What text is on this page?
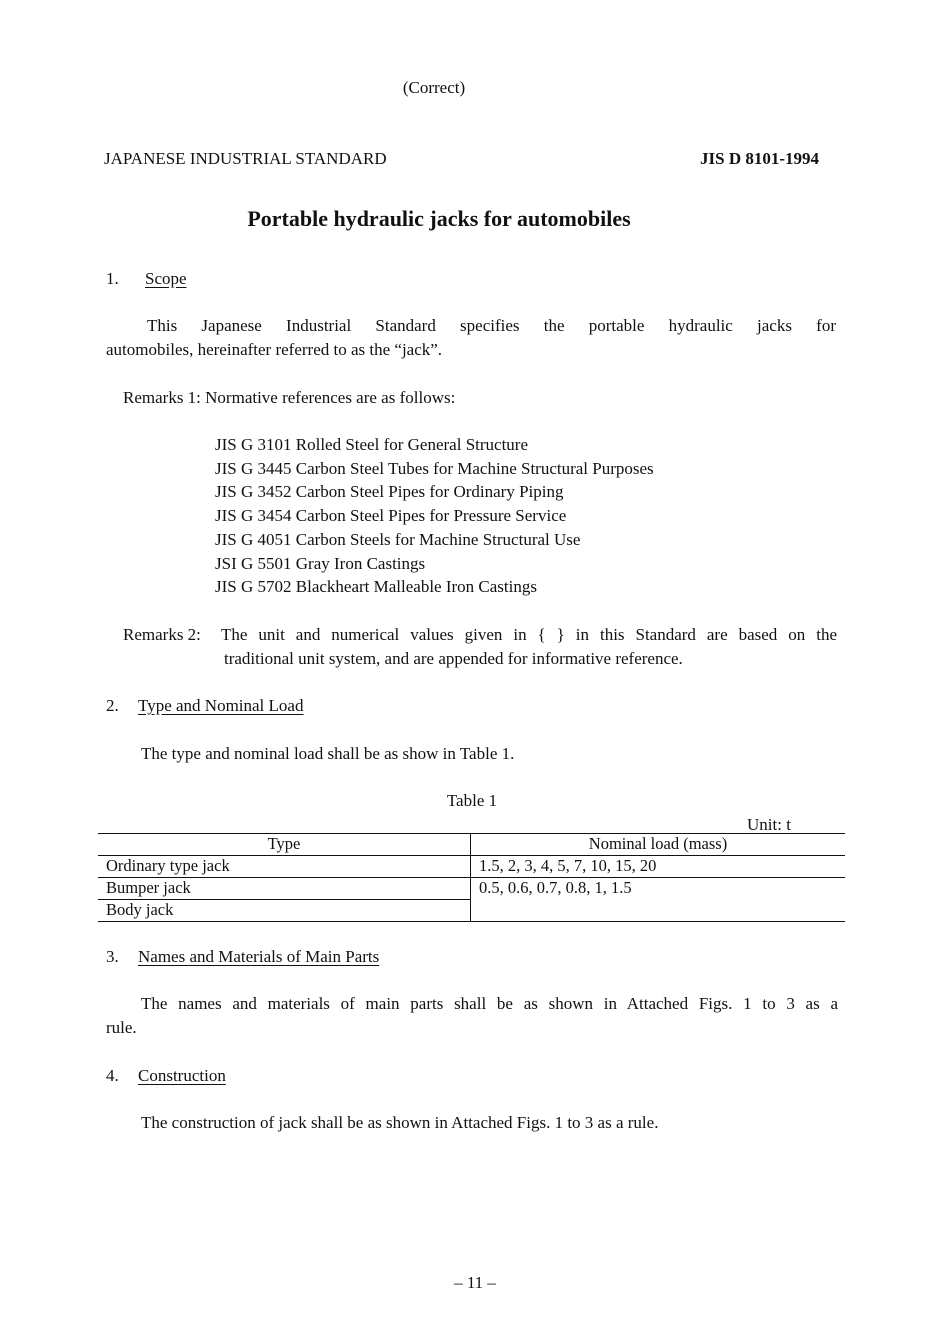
(Correct)
JAPANESE INDUSTRIAL STANDARD	JIS D 8101-1994
Portable hydraulic jacks for automobiles
1. Scope
This Japanese Industrial Standard specifies the portable hydraulic jacks for
automobiles, hereinafter referred to as the “jack”.
Remarks 1: Normative references are as follows:
JIS G 3101 Rolled Steel for General Structure
JIS G 3445 Carbon Steel Tubes for Machine Structural Purposes
JIS G 3452 Carbon Steel Pipes for Ordinary Piping
JIS G 3454 Carbon Steel Pipes for Pressure Service
JIS G 4051 Carbon Steels for Machine Structural Use
JSI G 5501 Gray Iron Castings
JIS G 5702 Blackheart Malleable Iron Castings
Remarks 2: The unit and numerical values given in { } in this Standard are based on the
traditional unit system, and are appended for informative reference.
2. Type and Nominal Load
The type and nominal load shall be as show in Table 1.
Table 1
Unit: t
Type	Nominal load (mass)
Ordinary type jack	1.5, 2, 3, 4, 5, 7, 10, 15, 20
Bumper jack	0.5, 0.6, 0.7, 0.8, 1, 1.5
Body jack	
3. Names and Materials of Main Parts
The names and materials of main parts shall be as shown in Attached Figs. 1 to 3 as a
rule.
4. Construction
The construction of jack shall be as shown in Attached Figs. 1 to 3 as a rule.
– 11 –
